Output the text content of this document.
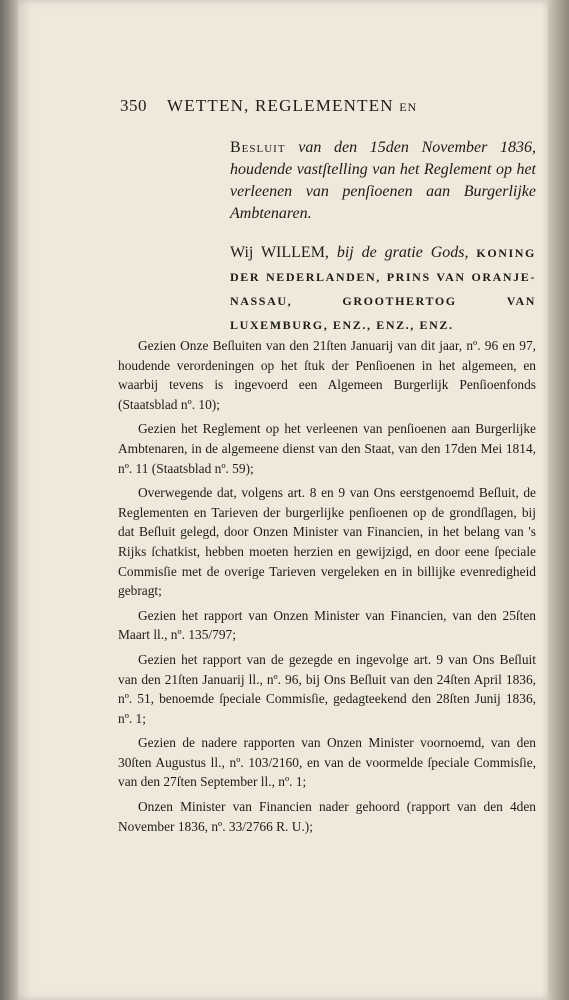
350 WETTEN, REGLEMENTEN EN
Besluit van den 15den November 1836, houdende vastſtelling van het Reglement op het verleenen van penſioenen aan Burgerlijke Ambtenaren.
Wij WILLEM, bij de gratie Gods, KONING DER NEDERLANDEN, PRINS VAN ORANJE-NASSAU, GROOTHERTOG VAN LUXEMBURG, ENZ., ENZ., ENZ.

Gezien Onze Beſluiten van den 21ſten Januarij van dit jaar, nº. 96 en 97, houdende verordeningen op het ſtuk der Penſioenen in het algemeen, en waarbij tevens is ingevoerd een Algemeen Burgerlijk Penſioenfonds (Staatsblad nº. 10);

Gezien het Reglement op het verleenen van penſioenen aan Burgerlijke Ambtenaren, in de algemeene dienst van den Staat, van den 17den Mei 1814, nº. 11 (Staatsblad nº. 59);

Overwegende dat, volgens art. 8 en 9 van Ons eerstgenoemd Beſluit, de Reglementen en Tarieven der burgerlijke penſioenen op de grondſlagen, bij dat Beſluit gelegd, door Onzen Minister van Financien, in het belang van 's Rijks ſchatkist, hebben moeten herzien en gewijzigd, en door eene ſpeciale Commisſie met de overige Tarieven vergeleken en in billijke evenredigheid gebragt;

Gezien het rapport van Onzen Minister van Financien, van den 25ſten Maart ll., nº. 135/797;

Gezien het rapport van de gezegde en ingevolge art. 9 van Ons Beſluit van den 21ſten Januarij ll., nº. 96, bij Ons Beſluit van den 24ſten April 1836, nº. 51, benoemde ſpeciale Commisſie, gedagteekend den 28ſten Junij 1836, nº. 1;

Gezien de nadere rapporten van Onzen Minister voornoemd, van den 30ſten Augustus ll., nº. 103/2160, en van de voormelde ſpeciale Commisſie, van den 27ſten September ll., nº. 1;

Onzen Minister van Financien nader gehoord (rapport van den 4den November 1836, nº. 33/2766 R. U.);
